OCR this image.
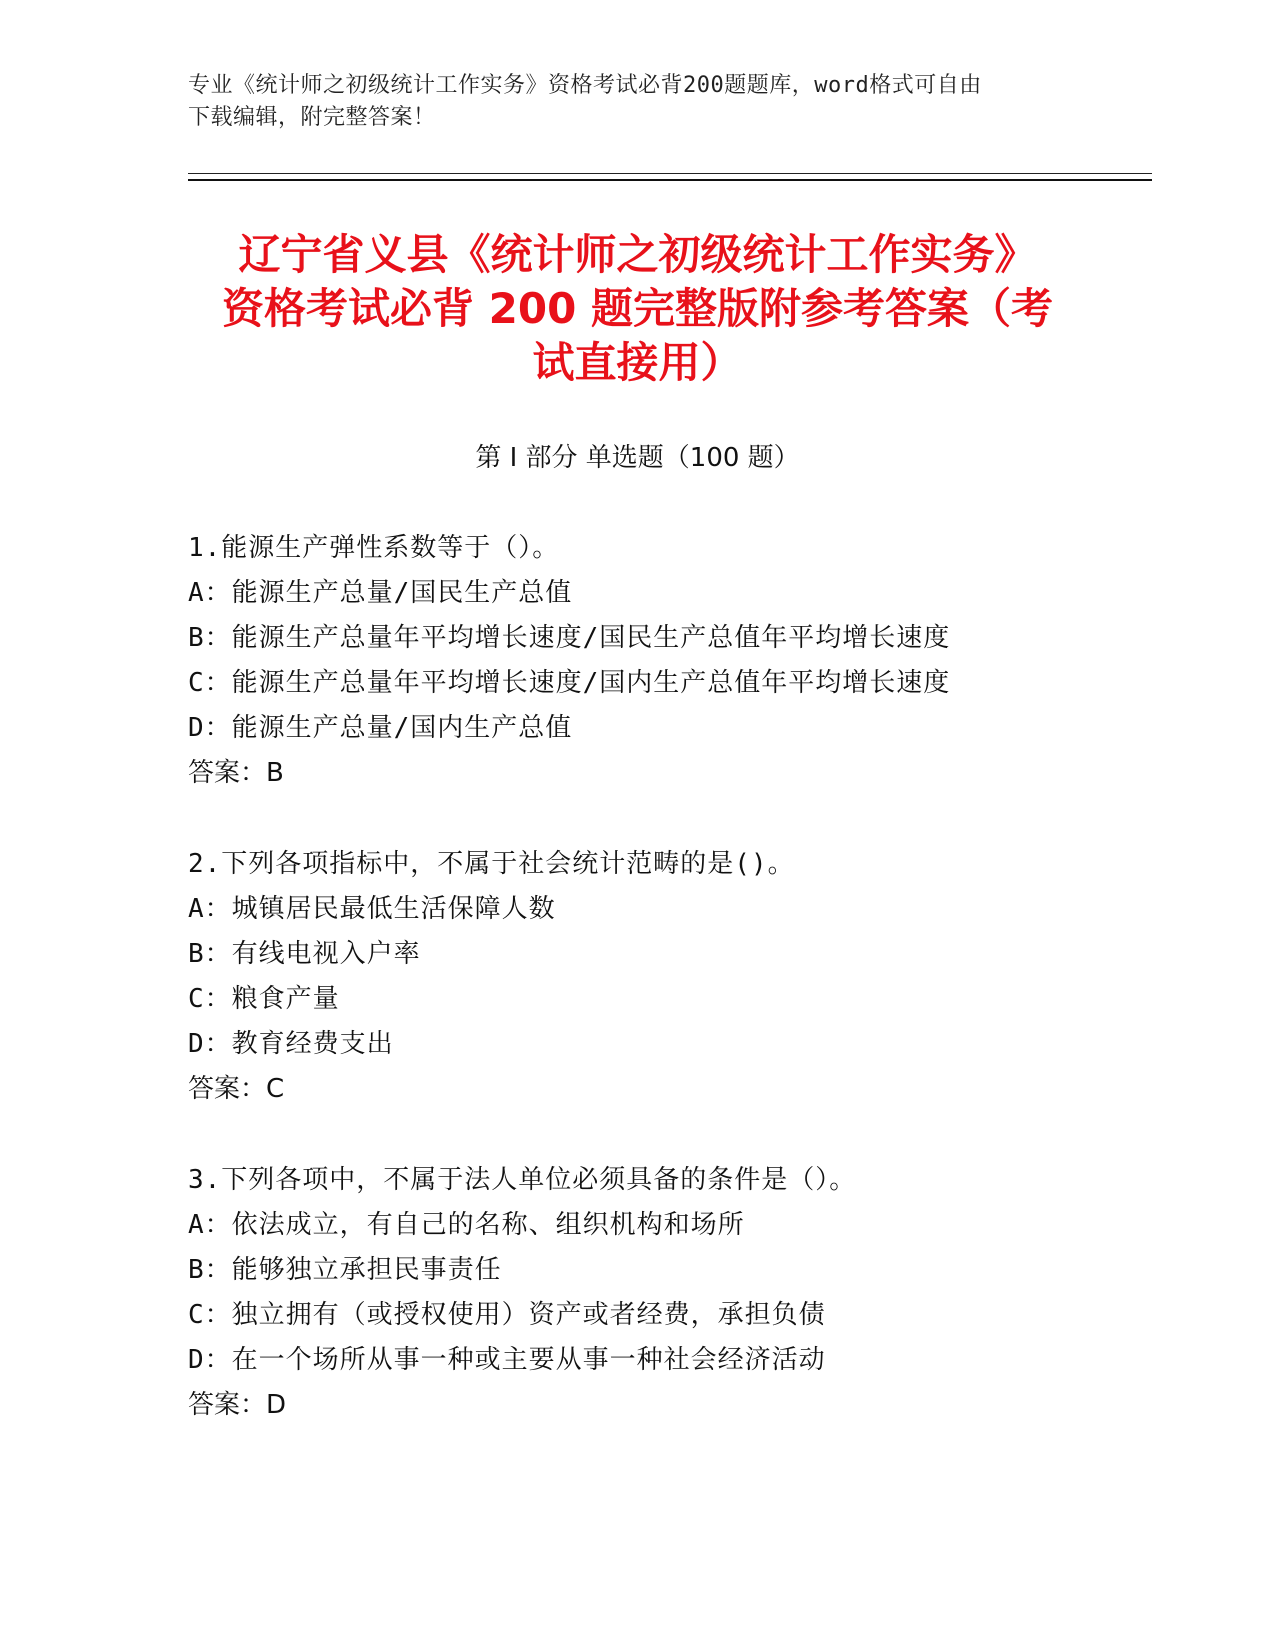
专业《统计师之初级统计工作实务》资格考试必背200题题库，word格式可自由
下载编辑，附完整答案！
辽宁省义县《统计师之初级统计工作实务》
资格考试必背 200 题完整版附参考答案（考
试直接用）
第 I 部分 单选题（100 题）
1.能源生产弹性系数等于（）。
A：能源生产总量/国民生产总值
B：能源生产总量年平均增长速度/国民生产总值年平均增长速度
C：能源生产总量年平均增长速度/国内生产总值年平均增长速度
D：能源生产总量/国内生产总值
答案：B
2.下列各项指标中，不属于社会统计范畴的是()。
A：城镇居民最低生活保障人数
B：有线电视入户率
C：粮食产量
D：教育经费支出
答案：C
3.下列各项中，不属于法人单位必须具备的条件是（）。
A：依法成立，有自己的名称、组织机构和场所
B：能够独立承担民事责任
C：独立拥有（或授权使用）资产或者经费，承担负债
D：在一个场所从事一种或主要从事一种社会经济活动
答案：D
